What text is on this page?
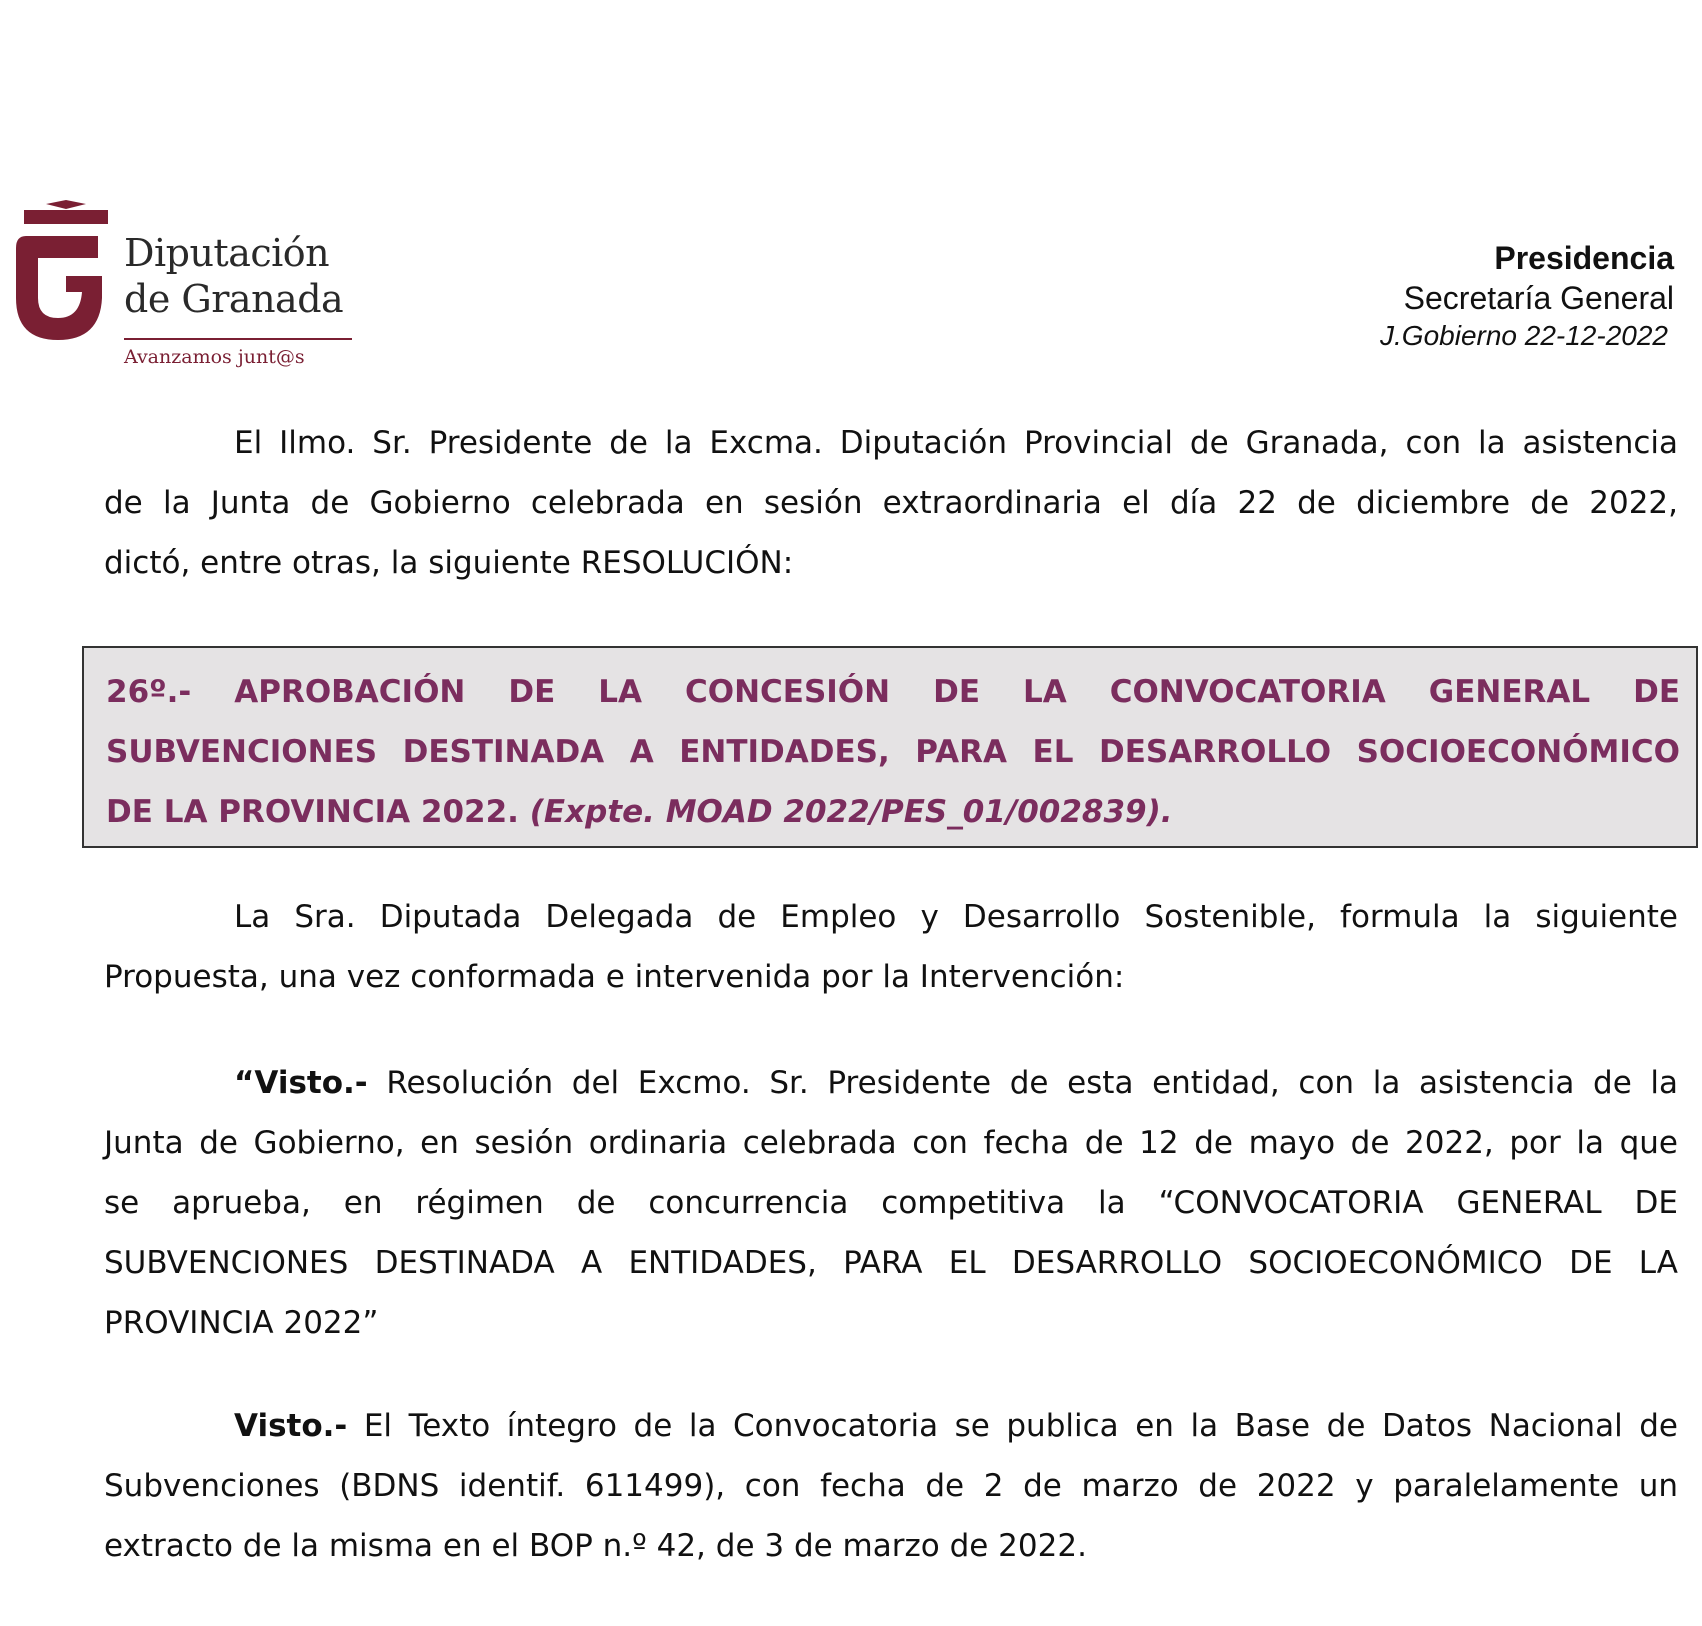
Diputación
de Granada
Avanzamos junt@s
Presidencia
Secretaría General
J.Gobierno 22-12-2022
El Ilmo. Sr. Presidente de la Excma. Diputación Provincial de Granada, con la asistencia
de la Junta de Gobierno celebrada en sesión extraordinaria el día 22 de diciembre de 2022,
dictó, entre otras, la siguiente RESOLUCIÓN:
26º.- APROBACIÓN DE LA CONCESIÓN DE LA CONVOCATORIA GENERAL DE
SUBVENCIONES DESTINADA A ENTIDADES, PARA EL DESARROLLO SOCIOECONÓMICO
DE LA PROVINCIA 2022. (Expte. MOAD 2022/PES_01/002839).
La Sra. Diputada Delegada de Empleo y Desarrollo Sostenible, formula la siguiente
Propuesta, una vez conformada e intervenida por la Intervención:
“Visto.- Resolución del Excmo. Sr. Presidente de esta entidad, con la asistencia de la
Junta de Gobierno, en sesión ordinaria celebrada con fecha de 12 de mayo de 2022, por la que
se aprueba, en régimen de concurrencia competitiva la “CONVOCATORIA GENERAL DE
SUBVENCIONES DESTINADA A ENTIDADES, PARA EL DESARROLLO SOCIOECONÓMICO DE LA
PROVINCIA 2022”
Visto.- El Texto íntegro de la Convocatoria se publica en la Base de Datos Nacional de
Subvenciones (BDNS identif. 611499), con fecha de 2 de marzo de 2022 y paralelamente un
extracto de la misma en el BOP n.º 42, de 3 de marzo de 2022.
